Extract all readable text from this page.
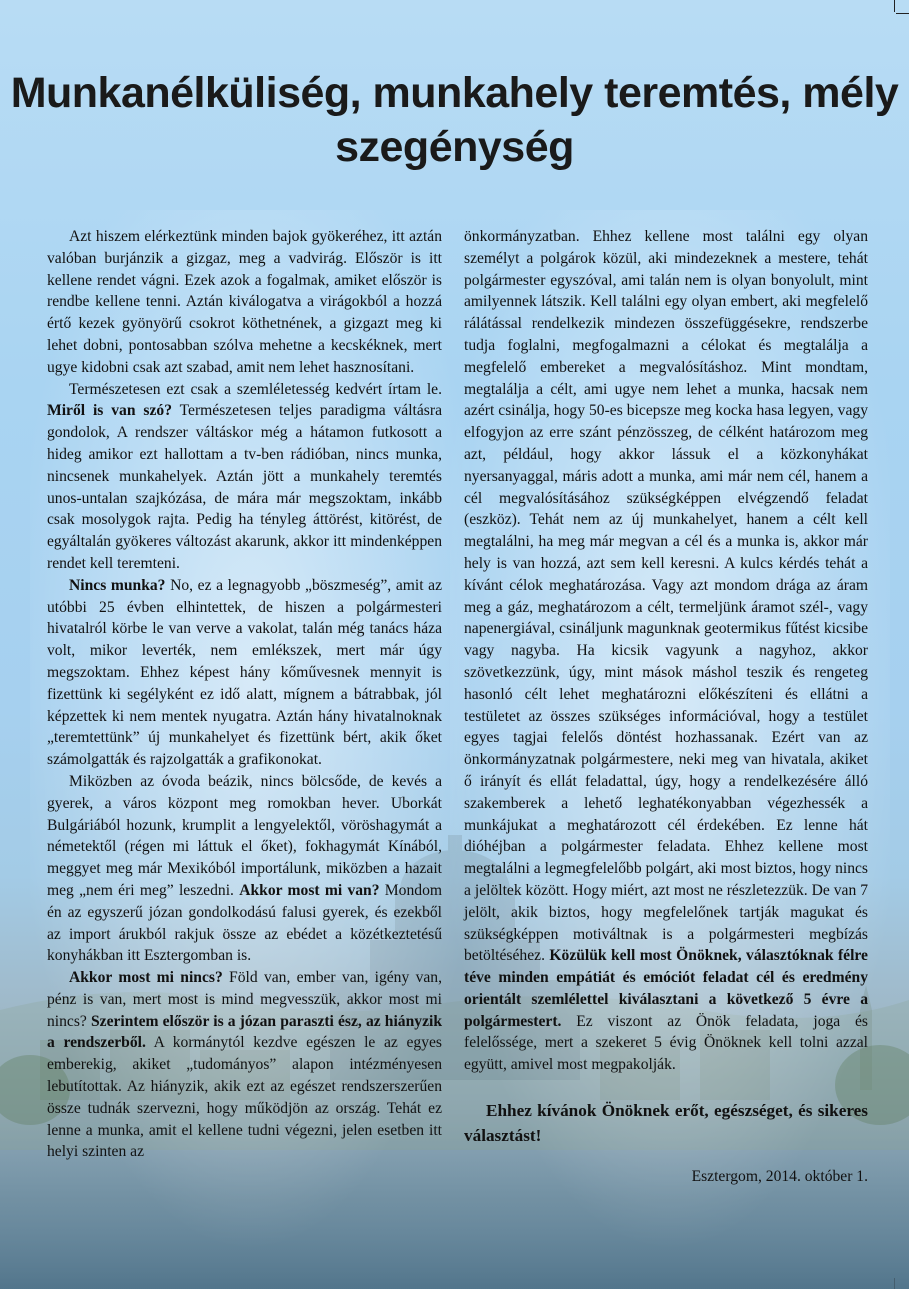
Munkanélküliség, munkahely teremtés, mély szegénység

Azt hiszem elérkeztünk minden bajok gyökeréhez, itt aztán valóban burjánzik a gizgaz, meg a vadvirág. Először is itt kellene rendet vágni. Ezek azok a fogalmak, amiket először is rendbe kellene tenni. Aztán kiválogatva a virágokból a hozzá értő kezek gyönyörű csokrot köthetnének, a gizgazt meg ki lehet dobni, pontosabban szólva mehetne a kecskéknek, mert ugye kidobni csak azt szabad, amit nem lehet hasznosítani.

Természetesen ezt csak a szemléletesség kedvért írtam le. Miről is van szó? Természetesen teljes paradigma váltásra gondolok, A rendszer váltáskor még a hátamon futkosott a hideg amikor ezt hallottam a tv-ben rádióban, nincs munka, nincsenek munkahelyek. Aztán jött a munkahely teremtés unos-untalan szajkózása, de mára már megszoktam, inkább csak mosolygok rajta. Pedig ha tényleg áttörést, kitörést, de egyáltalán gyökeres változást akarunk, akkor itt mindenképpen rendet kell teremteni.

Nincs munka? No, ez a legnagyobb „böszmeség”, amit az utóbbi 25 évben elhintettek, de hiszen a polgármesteri hivatalról körbe le van verve a vakolat, talán még tanács háza volt, mikor leverték, nem emlékszek, mert már úgy megszoktam. Ehhez képest hány kőművesnek mennyit is fizettünk ki segélyként ez idő alatt, mígnem a bátrabbak, jól képzettek ki nem mentek nyugatra. Aztán hány hivatalnoknak „teremtettünk” új munkahelyet és fizettünk bért, akik őket számolgatták és rajzolgatták a grafikonokat.

Miközben az óvoda beázik, nincs bölcsőde, de kevés a gyerek, a város központ meg romokban hever. Uborkát Bulgáriából hozunk, krumplit a lengyelektől, vöröshagymát a németektől (régen mi láttuk el őket), fokhagymát Kínából, meggyet meg már Mexikóból importálunk, miközben a hazait meg „nem éri meg” leszedni. Akkor most mi van? Mondom én az egyszerű józan gondolkodású falusi gyerek, és ezekből az import árukból rakjuk össze az ebédet a közétkeztetésű konyhákban itt Esztergomban is.

Akkor most mi nincs? Föld van, ember van, igény van, pénz is van, mert most is mind megvesszük, akkor most mi nincs? Szerintem először is a józan paraszti ész, az hiányzik a rendszerből. A kormánytól kezdve egészen le az egyes emberekig, akiket „tudományos” alapon intézményesen lebutítottak. Az hiányzik, akik ezt az egészet rendszerszerűen össze tudnák szervezni, hogy működjön az ország. Tehát ez lenne a munka, amit el kellene tudni végezni, jelen esetben itt helyi szinten az

önkormányzatban. Ehhez kellene most találni egy olyan személyt a polgárok közül, aki mindezeknek a mestere, tehát polgármester egyszóval, ami talán nem is olyan bonyolult, mint amilyennek látszik. Kell találni egy olyan embert, aki megfelelő rálátással rendelkezik mindezen összefüggésekre, rendszerbe tudja foglalni, megfogalmazni a célokat és megtalálja a megfelelő embereket a megvalósításhoz. Mint mondtam, megtalálja a célt, ami ugye nem lehet a munka, hacsak nem azért csinálja, hogy 50-es bicepsze meg kocka hasa legyen, vagy elfogyjon az erre szánt pénzösszeg, de célként határozom meg azt, például, hogy akkor lássuk el a közkonyhákat nyersanyaggal, máris adott a munka, ami már nem cél, hanem a cél megvalósításához szükségképpen elvégzendő feladat (eszköz). Tehát nem az új munkahelyet, hanem a célt kell megtalálni, ha meg már megvan a cél és a munka is, akkor már hely is van hozzá, azt sem kell keresni. A kulcs kérdés tehát a kívánt célok meghatározása. Vagy azt mondom drága az áram meg a gáz, meghatározom a célt, termeljünk áramot szél-, vagy napenergiával, csináljunk magunknak geotermikus fűtést kicsibe vagy nagyba. Ha kicsik vagyunk a nagyhoz, akkor szövetkezzünk, úgy, mint mások máshol teszik és rengeteg hasonló célt lehet meghatározni előkészíteni és ellátni a testületet az összes szükséges információval, hogy a testület egyes tagjai felelős döntést hozhassanak. Ezért van az önkormányzatnak polgármestere, neki meg van hivatala, akiket ő irányít és ellát feladattal, úgy, hogy a rendelkezésére álló szakemberek a lehető leghatékonyabban végezhessék a munkájukat a meghatározott cél érdekében. Ez lenne hát dióhéjban a polgármester feladata. Ehhez kellene most megtalálni a legmegfelelőbb polgárt, aki most biztos, hogy nincs a jelöltek között. Hogy miért, azt most ne részletezzük. De van 7 jelölt, akik biztos, hogy megfelelőnek tartják magukat és szükségképpen motiváltnak is a polgármesteri megbízás betöltéséhez. Közülük kell most Önöknek, választóknak félre téve minden empátiát és emóciót feladat cél és eredmény orientált szemlélettel kiválasztani a következő 5 évre a polgármestert. Ez viszont az Önök feladata, joga és felelőssége, mert a szekeret 5 évig Önöknek kell tolni azzal együtt, amivel most megpakolják.

Ehhez kívánok Önöknek erőt, egészséget, és sikeres választást!

Esztergom, 2014. október 1.
